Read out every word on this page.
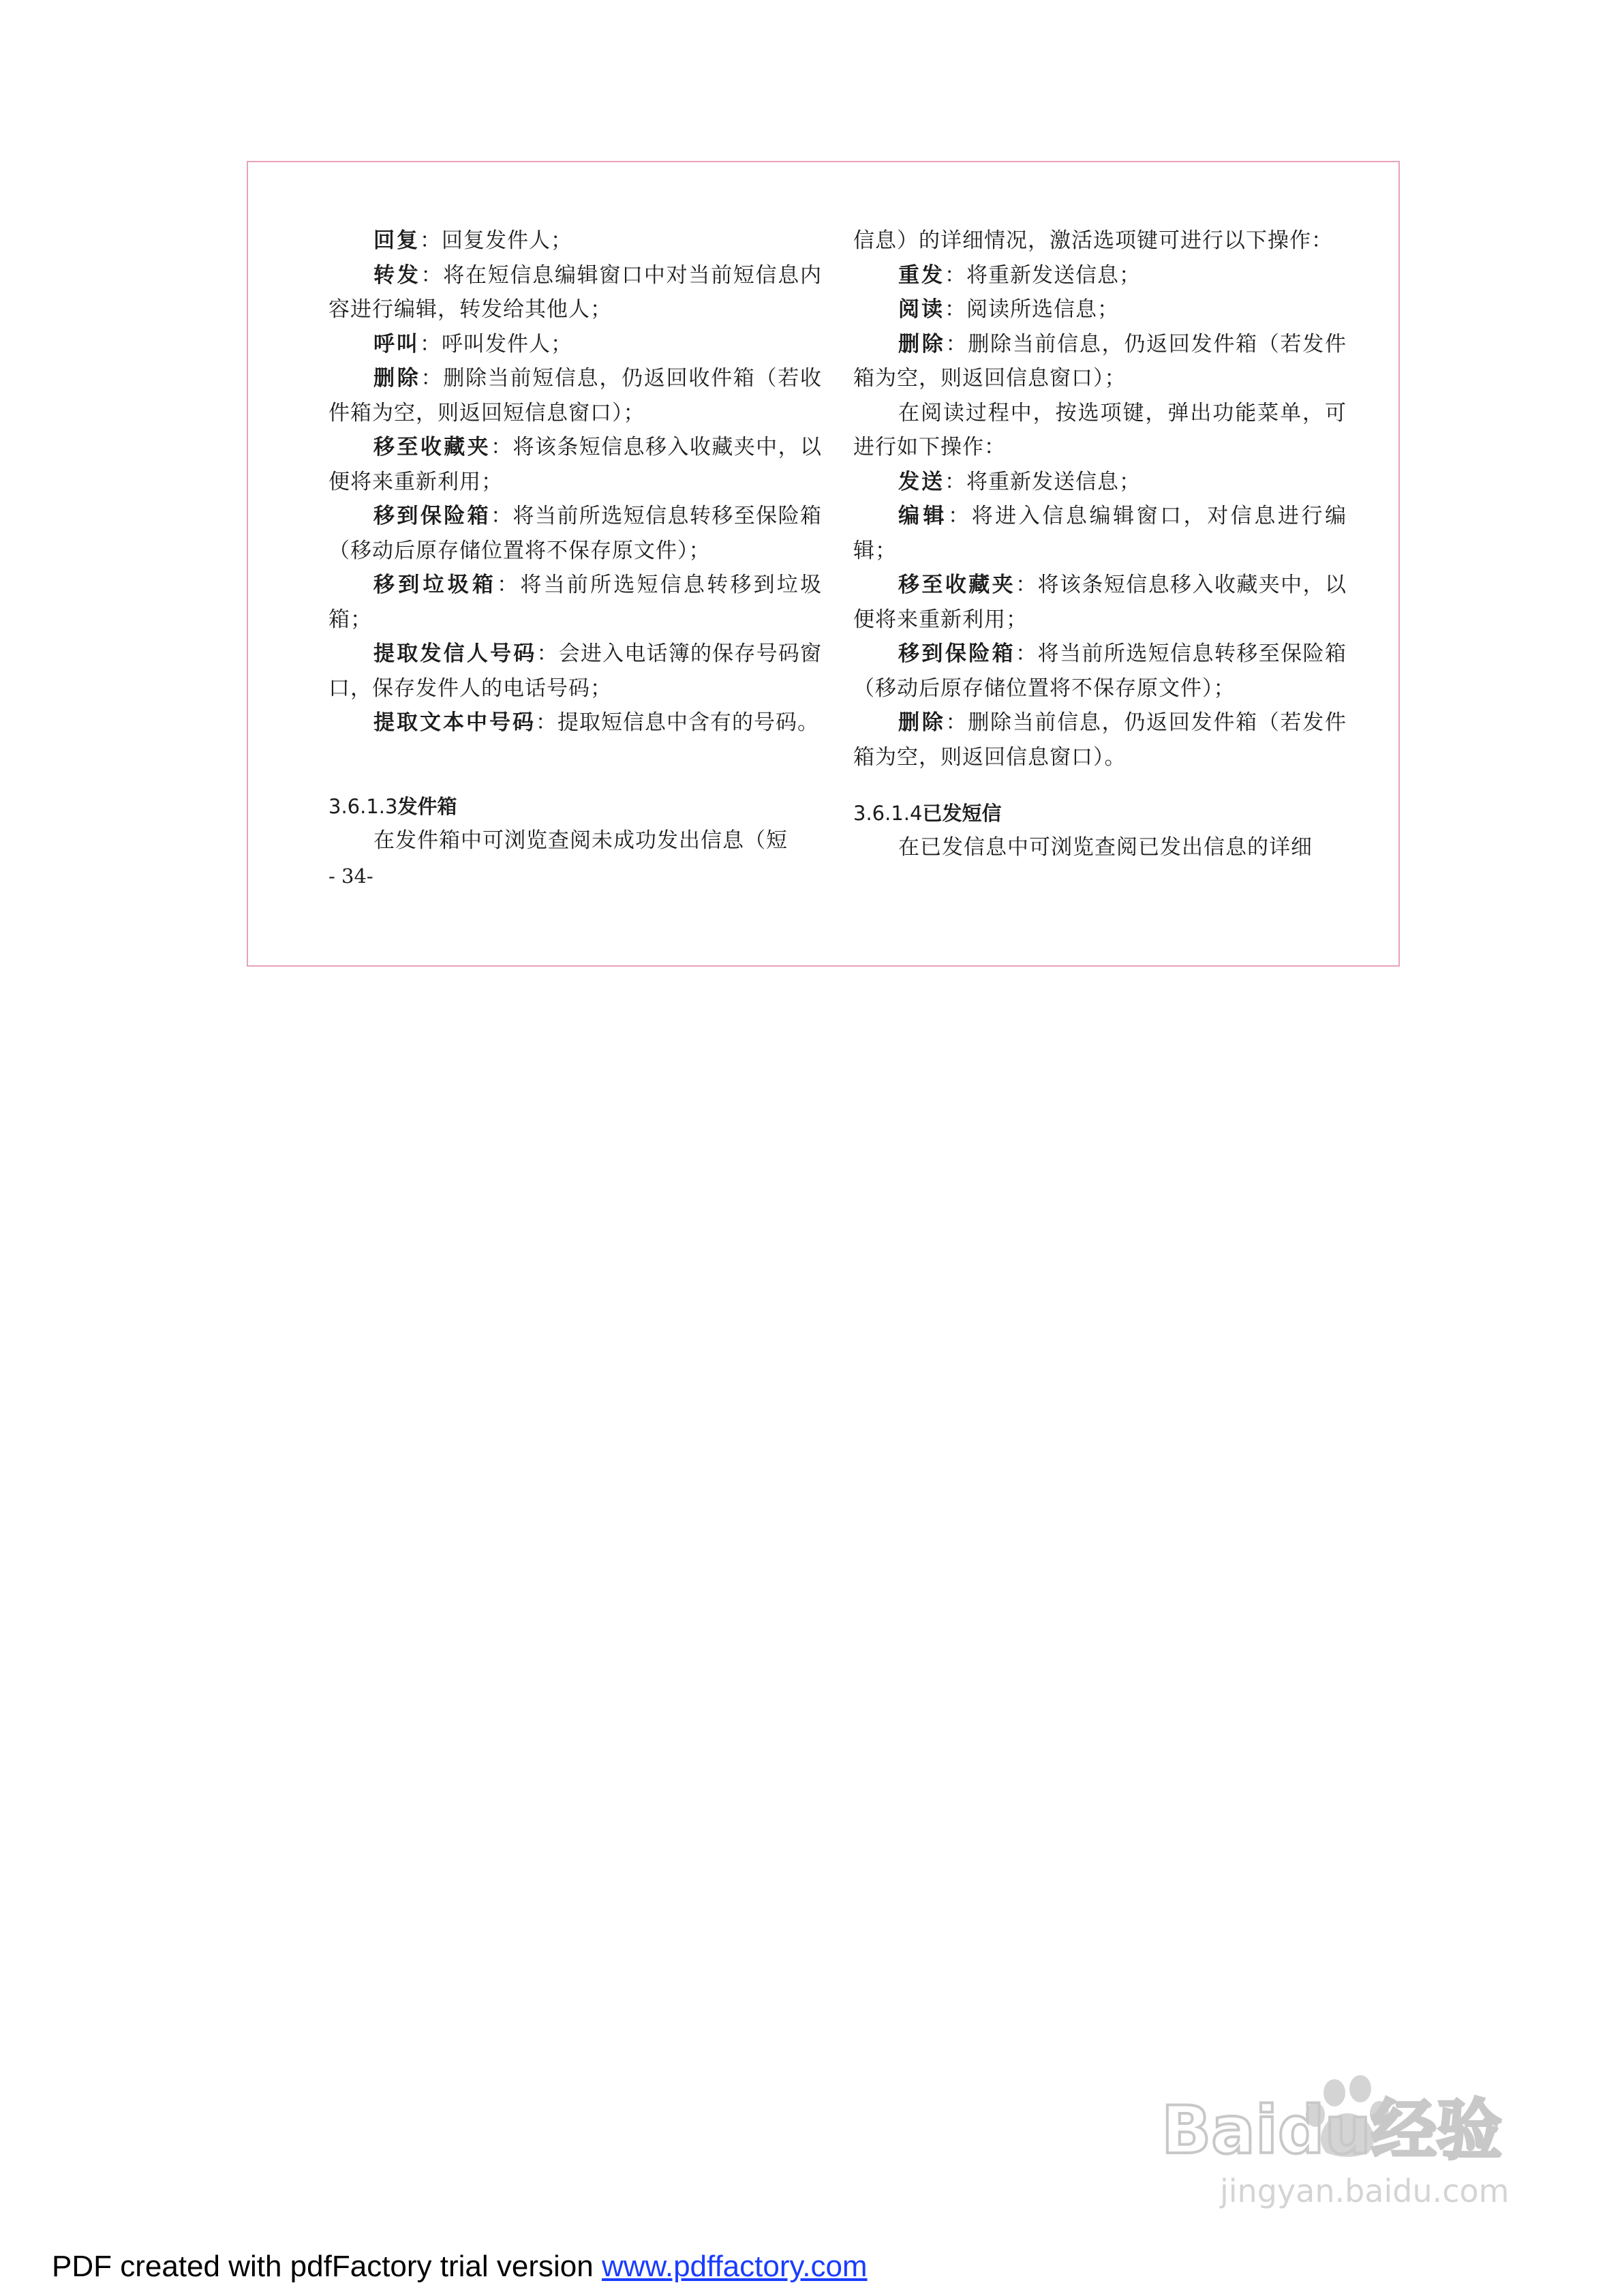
回复：回复发件人；

转发：将在短信息编辑窗口中对当前短信息内容进行编辑，转发给其他人；

呼叫：呼叫发件人；

删除：删除当前短信息，仍返回收件箱（若收件箱为空，则返回短信息窗口）；

移至收藏夹：将该条短信息移入收藏夹中，以便将来重新利用；

移到保险箱：将当前所选短信息转移至保险箱（移动后原存储位置将不保存原文件）；

移到垃圾箱：将当前所选短信息转移到垃圾箱；

提取发信人号码：会进入电话簿的保存号码窗口，保存发件人的电话号码；

提取文本中号码：提取短信息中含有的号码。

3.6.1.3发件箱

在发件箱中可浏览查阅未成功发出信息（短

- 34-

信息）的详细情况，激活选项键可进行以下操作：

重发：将重新发送信息；

阅读：阅读所选信息；

删除：删除当前信息，仍返回发件箱（若发件箱为空，则返回信息窗口）；

在阅读过程中，按选项键，弹出功能菜单，可进行如下操作：

发送：将重新发送信息；

编辑：将进入信息编辑窗口，对信息进行编辑；

移至收藏夹：将该条短信息移入收藏夹中，以便将来重新利用；

移到保险箱：将当前所选短信息转移至保险箱（移动后原存储位置将不保存原文件）；

删除：删除当前信息，仍返回发件箱（若发件箱为空，则返回信息窗口）。

3.6.1.4已发短信

在已发信息中可浏览查阅已发出信息的详细

Baidu经验
jingyan.baidu.com
PDF created with pdfFactory trial version www.pdffactory.com
